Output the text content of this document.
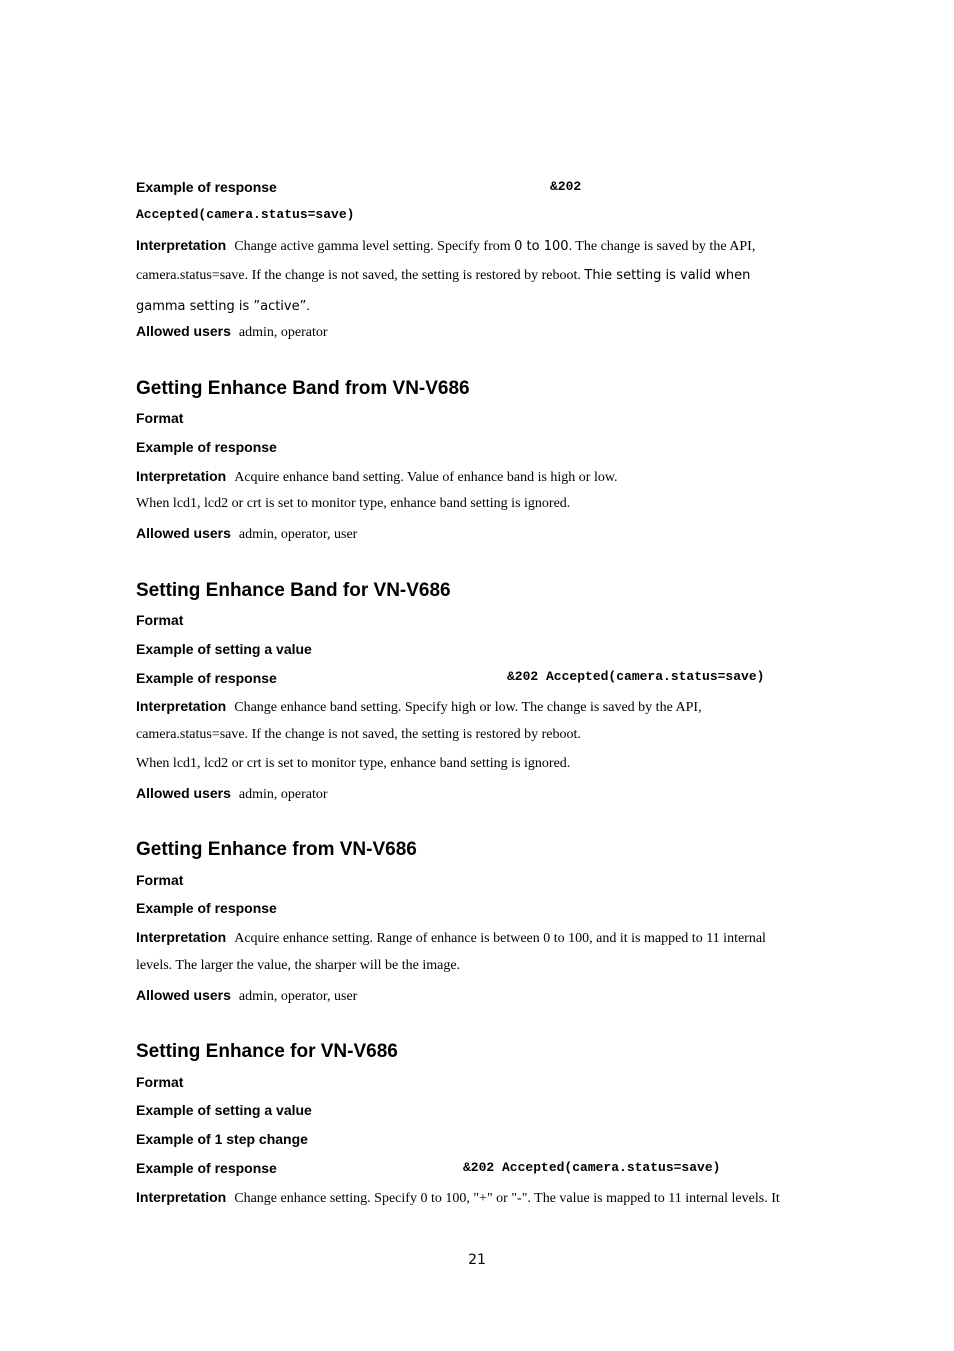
Example of response	&202
Accepted(camera.status=save)
Interpretation Change active gamma level setting. Specify from 0 to 100. The change is saved by the API,
camera.status=save. If the change is not saved, the setting is restored by reboot. Thie setting is valid when
gamma setting is ”active”.
Allowed users admin, operator
Getting Enhance Band from VN-V686
Format
Example of response
Interpretation Acquire enhance band setting. Value of enhance band is high or low.
When lcd1, lcd2 or crt is set to monitor type, enhance band setting is ignored.
Allowed users admin, operator, user
Setting Enhance Band for VN-V686
Format
Example of setting a value
Example of response	&202 Accepted(camera.status=save)
Interpretation Change enhance band setting. Specify high or low. The change is saved by the API,
camera.status=save. If the change is not saved, the setting is restored by reboot.
When lcd1, lcd2 or crt is set to monitor type, enhance band setting is ignored.
Allowed users admin, operator
Getting Enhance from VN-V686
Format
Example of response
Interpretation Acquire enhance setting. Range of enhance is between 0 to 100, and it is mapped to 11 internal
levels. The larger the value, the sharper will be the image.
Allowed users admin, operator, user
Setting Enhance for VN-V686
Format
Example of setting a value
Example of 1 step change
Example of response	&202 Accepted(camera.status=save)
Interpretation Change enhance setting. Specify 0 to 100, "+" or "-". The value is mapped to 11 internal levels. It
21
